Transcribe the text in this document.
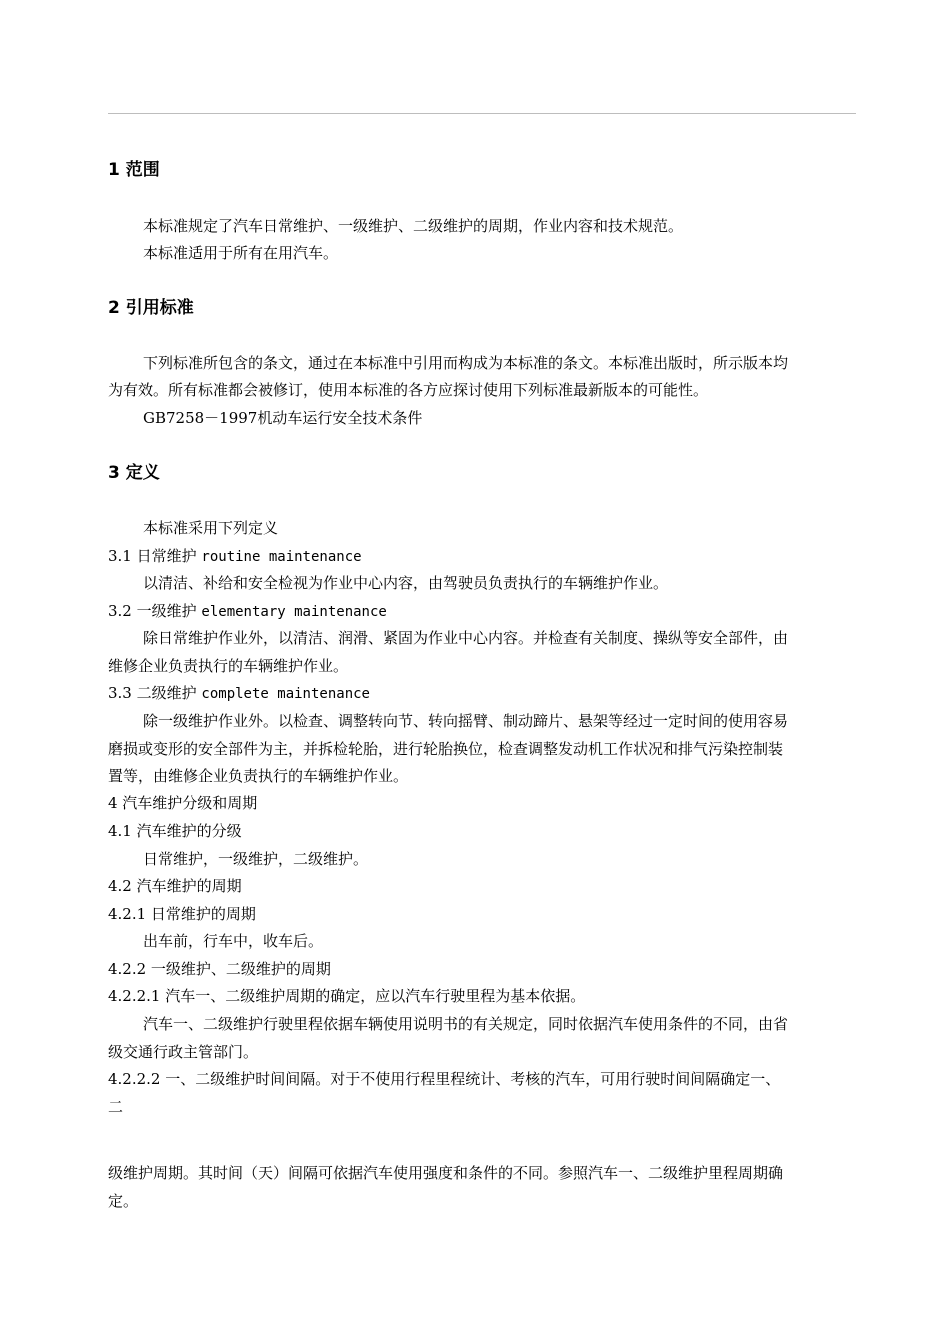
1 范围
本标准规定了汽车日常维护、一级维护、二级维护的周期，作业内容和技术规范。
本标准适用于所有在用汽车。
2 引用标准
下列标准所包含的条文，通过在本标准中引用而构成为本标准的条文。本标准出版时，所示版本均
为有效。所有标准都会被修订，使用本标准的各方应探讨使用下列标准最新版本的可能性。
GB7258－1997机动车运行安全技术条件
3 定义
本标准采用下列定义
3.1 日常维护 routine maintenance
以清洁、补给和安全检视为作业中心内容，由驾驶员负责执行的车辆维护作业。
3.2 一级维护 elementary maintenance
除日常维护作业外，以清洁、润滑、紧固为作业中心内容。并检查有关制度、操纵等安全部件，由
维修企业负责执行的车辆维护作业。
3.3 二级维护 complete maintenance
除一级维护作业外。以检查、调整转向节、转向摇臂、制动蹄片、悬架等经过一定时间的使用容易
磨损或变形的安全部件为主，并拆检轮胎，进行轮胎换位，检查调整发动机工作状况和排气污染控制装
置等，由维修企业负责执行的车辆维护作业。
4 汽车维护分级和周期
4.1 汽车维护的分级
日常维护，一级维护，二级维护。
4.2 汽车维护的周期
4.2.1 日常维护的周期
出车前，行车中，收车后。
4.2.2 一级维护、二级维护的周期
4.2.2.1 汽车一、二级维护周期的确定，应以汽车行驶里程为基本依据。
汽车一、二级维护行驶里程依据车辆使用说明书的有关规定，同时依据汽车使用条件的不同，由省
级交通行政主管部门。
4.2.2.2 一、二级维护时间间隔。对于不使用行程里程统计、考核的汽车，可用行驶时间间隔确定一、
二
级维护周期。其时间（天）间隔可依据汽车使用强度和条件的不同。参照汽车一、二级维护里程周期确
定。
